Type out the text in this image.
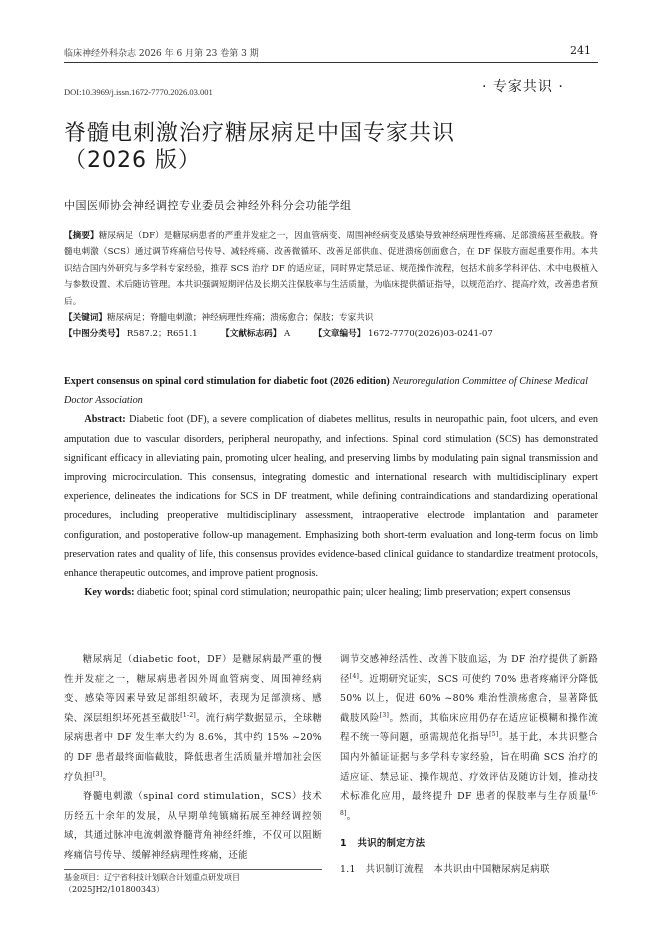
临床神经外科杂志 2026 年 6 月第 23 卷第 3 期	241
DOI:10.3969/j.issn.1672-7770.2026.03.001	· 专家共识 ·
脊髓电刺激治疗糖尿病足中国专家共识
（2026 版）
中国医师协会神经调控专业委员会神经外科分会功能学组
【摘要】糖尿病足（DF）是糖尿病患者的严重并发症之一，因血管病变、周围神经病变及感染导致神经病理性疼痛、足部溃疡甚至截肢。脊髓电刺激（SCS）通过调节疼痛信号传导、减轻疼痛、改善微循环、改善足部供血、促进溃疡创面愈合，在 DF 保肢方面起重要作用。本共识结合国内外研究与多学科专家经验，推荐 SCS 治疗 DF 的适应证，同时界定禁忌证、规范操作流程，包括术前多学科评估、术中电极植入与参数设置、术后随访管理。本共识强调短期评估及长期关注保肢率与生活质量，为临床提供循证指导，以规范治疗、提高疗效，改善患者预后。
【关键词】糖尿病足；脊髓电刺激；神经病理性疼痛；溃疡愈合；保肢；专家共识
【中图分类号】 R587.2；R651.1	【文献标志码】 A	【文章编号】 1672-7770(2026)03-0241-07
Expert consensus on spinal cord stimulation for diabetic foot (2026 edition) Neuroregulation Committee of Chinese Medical Doctor Association
Abstract: Diabetic foot (DF), a severe complication of diabetes mellitus, results in neuropathic pain, foot ulcers, and even amputation due to vascular disorders, peripheral neuropathy, and infections. Spinal cord stimulation (SCS) has demonstrated significant efficacy in alleviating pain, promoting ulcer healing, and preserving limbs by modulating pain signal transmission and improving microcirculation. This consensus, integrating domestic and international research with multidisciplinary expert experience, delineates the indications for SCS in DF treatment, while defining contraindications and standardizing operational procedures, including preoperative multidisciplinary assessment, intraoperative electrode implantation and parameter configuration, and postoperative follow-up management. Emphasizing both short-term evaluation and long-term focus on limb preservation rates and quality of life, this consensus provides evidence-based clinical guidance to standardize treatment protocols, enhance therapeutic outcomes, and improve patient prognosis.
Key words: diabetic foot; spinal cord stimulation; neuropathic pain; ulcer healing; limb preservation; expert consensus
糖尿病足（diabetic foot，DF）是糖尿病最严重的慢性并发症之一，糖尿病患者因外周血管病变、周围神经病变、感染等因素导致足部组织破坏，表现为足部溃疡、感染、深层组织坏死甚至截肢[1-2]。流行病学数据显示，全球糖尿病患者中 DF 发生率大约为 8.6%，其中约 15% ~20% 的 DF 患者最终面临截肢，降低患者生活质量并增加社会医疗负担[3]。
脊髓电刺激（spinal cord stimulation，SCS）技术历经五十余年的发展，从早期单纯镇痛拓展至神经调控领域，其通过脉冲电流刺激脊髓背角神经纤维，不仅可以阻断疼痛信号传导、缓解神经病理性疼痛，还能
基金项目：辽宁省科技计划联合计划重点研发项目（2025JH2/101800343）
调节交感神经活性、改善下肢血运，为 DF 治疗提供了新路径[4]。近期研究证实，SCS 可使约 70% 患者疼痛评分降低 50% 以上，促进 60% ~80% 难治性溃疡愈合，显著降低截肢风险[3]。然而，其临床应用仍存在适应证模糊和操作流程不统一等问题，亟需规范化指导[5]。基于此，本共识整合国内外循证证据与多学科专家经验，旨在明确 SCS 治疗的适应证、禁忌证、操作规范、疗效评估及随访计划，推动技术标准化应用，最终提升 DF 患者的保肢率与生存质量[6-8]。
1   共识的制定方法
1.1   共识制订流程   本共识由中国糖尿病足病联
